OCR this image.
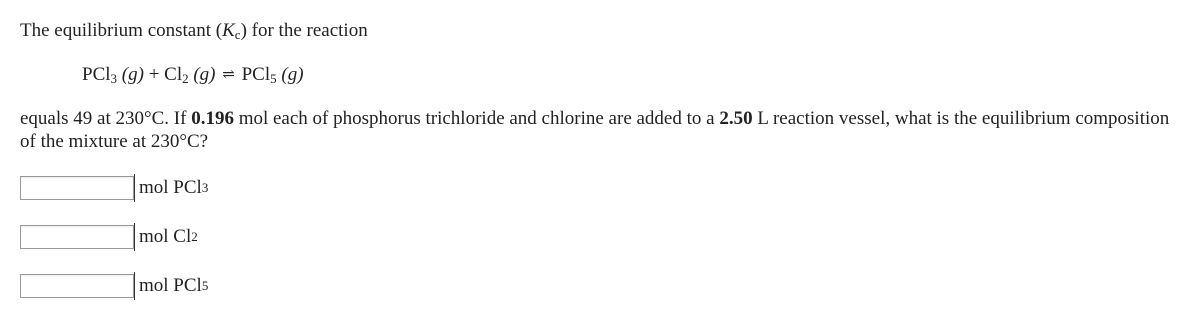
The equilibrium constant $(K_c)$ for the reaction
PCl$_3$ $(g) + Cl_2$ (g) ⇌ PCl$_5$ (g)
equals 49 at 230°C. If 0.196 mol each of phosphorus trichloride and chlorine are added to a 2.50 L reaction vessel, what is the equilibrium composition of the mixture at 230°C?
mol PCl 3
mol Cl 2
mol PCl 5
